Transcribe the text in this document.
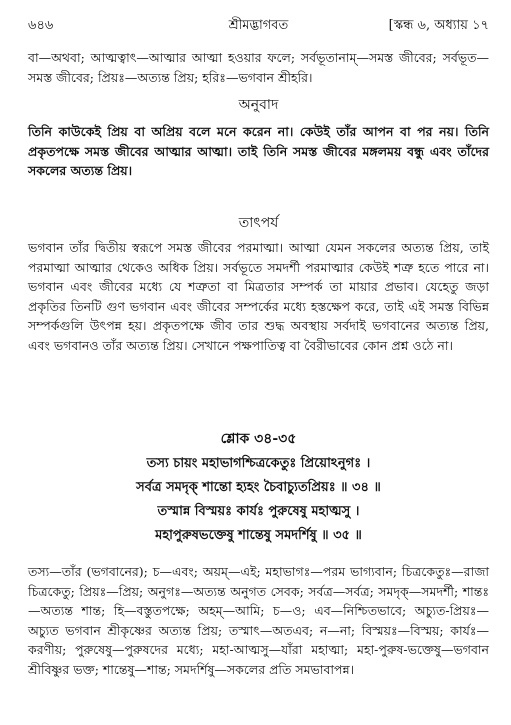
৬৪৬	শ্রীমদ্ভাগবত	[স্কন্ধ ৬, অধ্যায় ১৭

বা—অথবা; আত্মত্বাৎ—আত্মার আত্মা হওয়ার ফলে; সর্বভূতানাম্—সমস্ত জীবের; সর্বভূত—সমস্ত জীবের; প্রিয়ঃ—অত্যন্ত প্রিয়; হরিঃ—ভগবান শ্রীহরি।

অনুবাদ

তিনি কাউকেই প্রিয় বা অপ্রিয় বলে মনে করেন না। কেউই তাঁর আপন বা পর নয়। তিনি প্রকৃতপক্ষে সমস্ত জীবের আত্মার আত্মা। তাই তিনি সমস্ত জীবের মঙ্গলময় বন্ধু এবং তাঁদের সকলের অত্যন্ত প্রিয়।

তাৎপর্য

ভগবান তাঁর দ্বিতীয় স্বরূপে সমস্ত জীবের পরমাত্মা। আত্মা যেমন সকলের অত্যন্ত প্রিয়, তাই পরমাত্মা আত্মার থেকেও অধিক প্রিয়। সর্বভূতে সমদর্শী পরমাত্মার কেউই শত্রু হতে পারে না। ভগবান এবং জীবের মধ্যে যে শত্রুতা বা মিত্রতার সম্পর্ক তা মায়ার প্রভাব। যেহেতু জড়া প্রকৃতির তিনটি গুণ ভগবান এবং জীবের সম্পর্কের মধ্যে হস্তক্ষেপ করে, তাই এই সমস্ত বিভিন্ন সম্পর্কগুলি উৎপন্ন হয়। প্রকৃতপক্ষে জীব তার শুদ্ধ অবস্থায় সর্বদাই ভগবানের অত্যন্ত প্রিয়, এবং ভগবানও তাঁর অত্যন্ত প্রিয়। সেখানে পক্ষপাতিত্ব বা বৈরীভাবের কোন প্রশ্ন ওঠে না।

শ্লোক ৩৪-৩৫
তস্য চায়ং মহাভাগশ্চিত্রকেতুঃ প্রিয়োঽনুগঃ ।
সর্বত্র সমদৃক্ শান্তো হ্যহং চৈবাচ্যুতপ্রিয়ঃ ॥ ৩৪ ॥
তস্মান্ন বিস্ময়ঃ কার্যঃ পুরুষেষু মহাত্মসু ।
মহাপুরুষভক্তেষু শান্তেষু সমদর্শিষু ॥ ৩৫ ॥

তস্য—তাঁর (ভগবানের); চ—এবং; অয়ম্—এই; মহাভাগঃ—পরম ভাগ্যবান; চিত্রকেতুঃ—রাজা চিত্রকেতু; প্রিয়ঃ—প্রিয়; অনুগঃ—অত্যন্ত অনুগত সেবক; সর্বত্র—সর্বত্র; সমদৃক্—সমদর্শী; শান্তঃ—অত্যন্ত শান্ত; হি—বস্তুতপক্ষে; অহম্—আমি; চ—ও; এব—নিশ্চিতভাবে; অচ্যুত-প্রিয়ঃ—অচ্যুত ভগবান শ্রীকৃষ্ণের অত্যন্ত প্রিয়; তস্মাৎ—অতএব; ন—না; বিস্ময়ঃ—বিস্ময়; কার্যঃ—করণীয়; পুরুষেষু—পুরুষদের মধ্যে; মহা-আত্মসু—যাঁরা মহাত্মা; মহা-পুরুষ-ভক্তেষু—ভগবান শ্রীবিষ্ণুর ভক্ত; শান্তেষু—শান্ত; সমদর্শিষু—সকলের প্রতি সমভাবাপন্ন।
